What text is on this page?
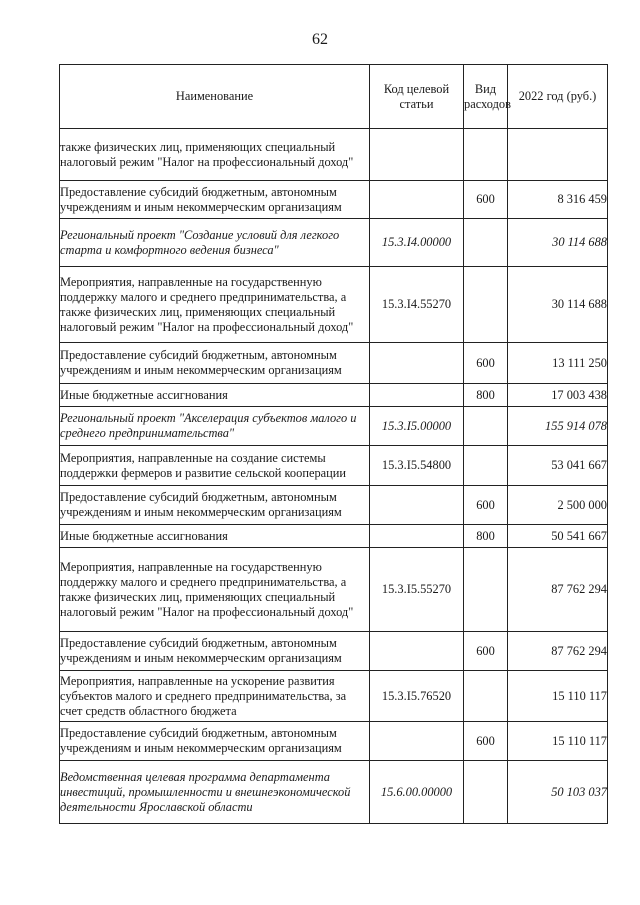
62
Наименование	Код целевой статьи	Вид расходов	2022 год (руб.)
также физических лиц, применяющих специальный налоговый режим "Налог на профессиональный доход"			
Предоставление субсидий бюджетным, автономным учреждениям и иным некоммерческим организациям		600	8 316 459
Региональный проект "Создание условий для легкого старта и комфортного ведения бизнеса"	15.3.I4.00000		30 114 688
Мероприятия, направленные на государственную поддержку малого и среднего предпринимательства, а также физических лиц, применяющих специальный налоговый режим "Налог на профессиональный доход"	15.3.I4.55270		30 114 688
Предоставление субсидий бюджетным, автономным учреждениям и иным некоммерческим организациям		600	13 111 250
Иные бюджетные ассигнования		800	17 003 438
Региональный проект "Акселерация субъектов малого и среднего предпринимательства"	15.3.I5.00000		155 914 078
Мероприятия, направленные на создание системы поддержки фермеров и развитие сельской кооперации	15.3.I5.54800		53 041 667
Предоставление субсидий бюджетным, автономным учреждениям и иным некоммерческим организациям		600	2 500 000
Иные бюджетные ассигнования		800	50 541 667
Мероприятия, направленные на государственную поддержку малого и среднего предпринимательства, а также физических лиц, применяющих специальный налоговый режим "Налог на профессиональный доход"	15.3.I5.55270		87 762 294
Предоставление субсидий бюджетным, автономным учреждениям и иным некоммерческим организациям		600	87 762 294
Мероприятия, направленные на ускорение развития субъектов малого и среднего предпринимательства, за счет средств областного бюджета	15.3.I5.76520		15 110 117
Предоставление субсидий бюджетным, автономным учреждениям и иным некоммерческим организациям		600	15 110 117
Ведомственная целевая программа департамента инвестиций, промышленности и внешнеэкономической деятельности Ярославской области	15.6.00.00000		50 103 037
